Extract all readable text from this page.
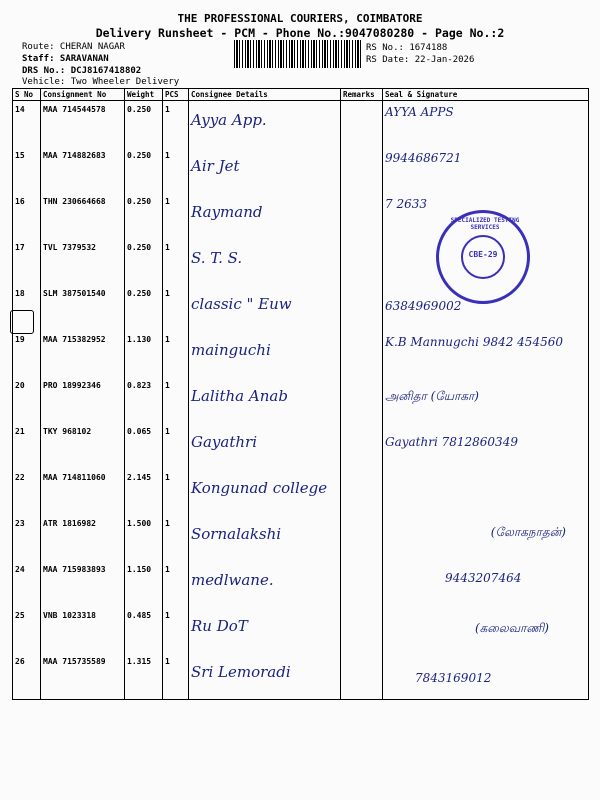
THE PROFESSIONAL COURIERS, COIMBATORE
Delivery Runsheet - PCM - Phone No.:9047080280 - Page No.:2
Route: CHERAN NAGAR
Staff: SARAVANAN
DRS No.: DCJ8167418802
Vehicle: Two Wheeler Delivery
RS No.: 1674188
RS Date: 22-Jan-2026
S No	Consignment No	Weight	PCS	Consignee Details	Remarks	Seal & Signature
14	MAA 714544578	0.250	1	Ayya App.		AYYA APPS

15	MAA 714882683	0.250	1	Air Jet		9944686721

16	THN 230664668	0.250	1	Raymand		7 2633

17	TVL 7379532	0.250	1	S. T. S.		

18	SLM 387501540	0.250	1	classic " Euw		6384969002

19	MAA 715382952	1.130	1	mainguchi		K.B Mannugchi 9842 454560

20	PRO 18992346	0.823	1	Lalitha Anab		அனிதா (யோகா)

21	TKY 968102	0.065	1	Gayathri		Gayathri 7812860349

22	MAA 714811060	2.145	1	Kongunad college		

23	ATR 1816982	1.500	1	Sornalakshi		(லோகநாதன்)

24	MAA 715983893	1.150	1	medlwane.		9443207464

25	VNB 1023318	0.485	1	Ru DoT		(கலைவாணி)

26	MAA 715735589	1.315	1	Sri Lemoradi		7843169012
SPECIALIZED TESTING SERVICES
CBE-29
